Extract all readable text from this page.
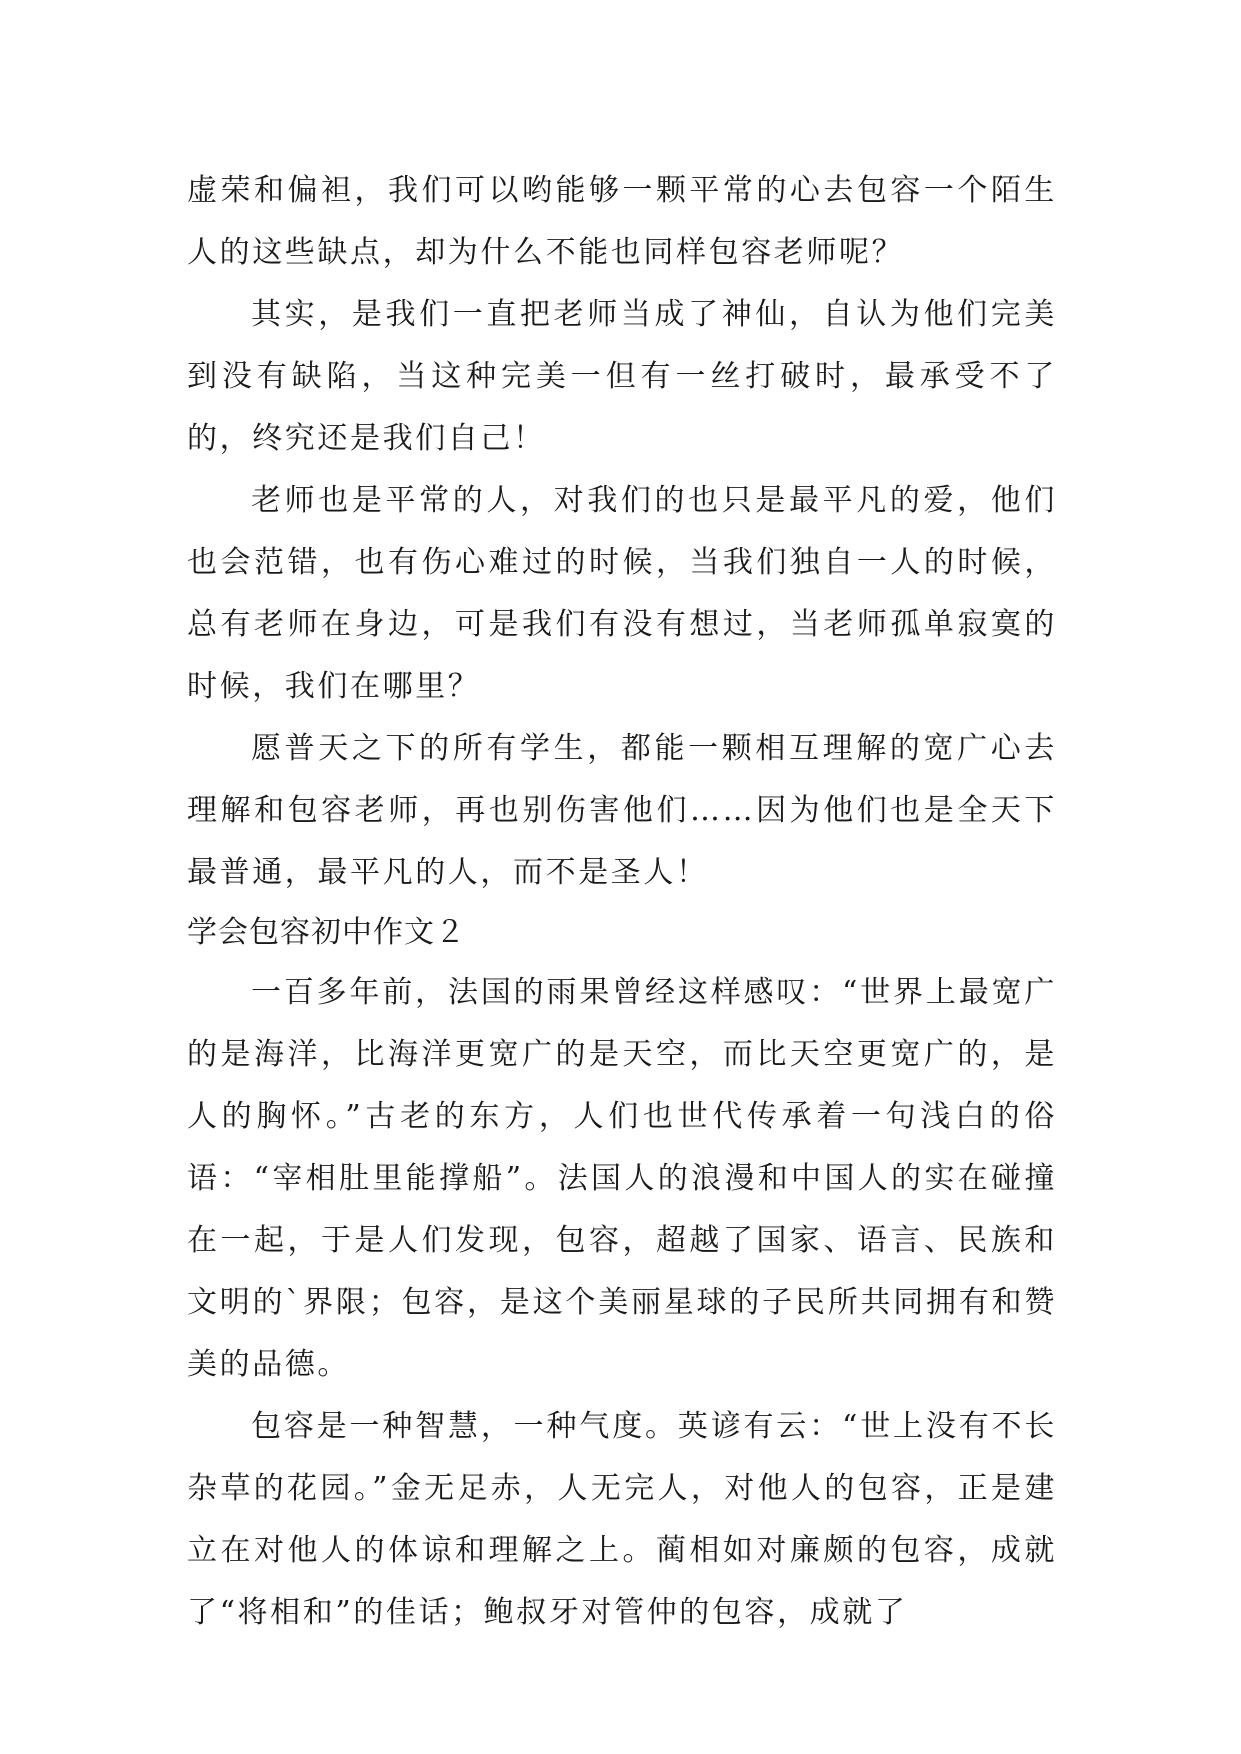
虚荣和偏袒，我们可以哟能够一颗平常的心去包容一个陌生人的这些缺点，却为什么不能也同样包容老师呢？

其实，是我们一直把老师当成了神仙，自认为他们完美到没有缺陷，当这种完美一但有一丝打破时，最承受不了的，终究还是我们自己！

老师也是平常的人，对我们的也只是最平凡的爱，他们也会范错，也有伤心难过的时候，当我们独自一人的时候，总有老师在身边，可是我们有没有想过，当老师孤单寂寞的时候，我们在哪里？

愿普天之下的所有学生，都能一颗相互理解的宽广心去理解和包容老师，再也别伤害他们……因为他们也是全天下最普通，最平凡的人，而不是圣人！

学会包容初中作文２

一百多年前，法国的雨果曾经这样感叹：“世界上最宽广的是海洋，比海洋更宽广的是天空，而比天空更宽广的，是人的胸怀。”古老的东方，人们也世代传承着一句浅白的俗语：“宰相肚里能撑船”。法国人的浪漫和中国人的实在碰撞在一起，于是人们发现，包容，超越了国家、语言、民族和文明的`界限；包容，是这个美丽星球的子民所共同拥有和赞美的品德。

包容是一种智慧，一种气度。英谚有云：“世上没有不长杂草的花园。”金无足赤，人无完人，对他人的包容，正是建立在对他人的体谅和理解之上。蔺相如对廉颇的包容，成就了“将相和”的佳话；鲍叔牙对管仲的包容，成就了
